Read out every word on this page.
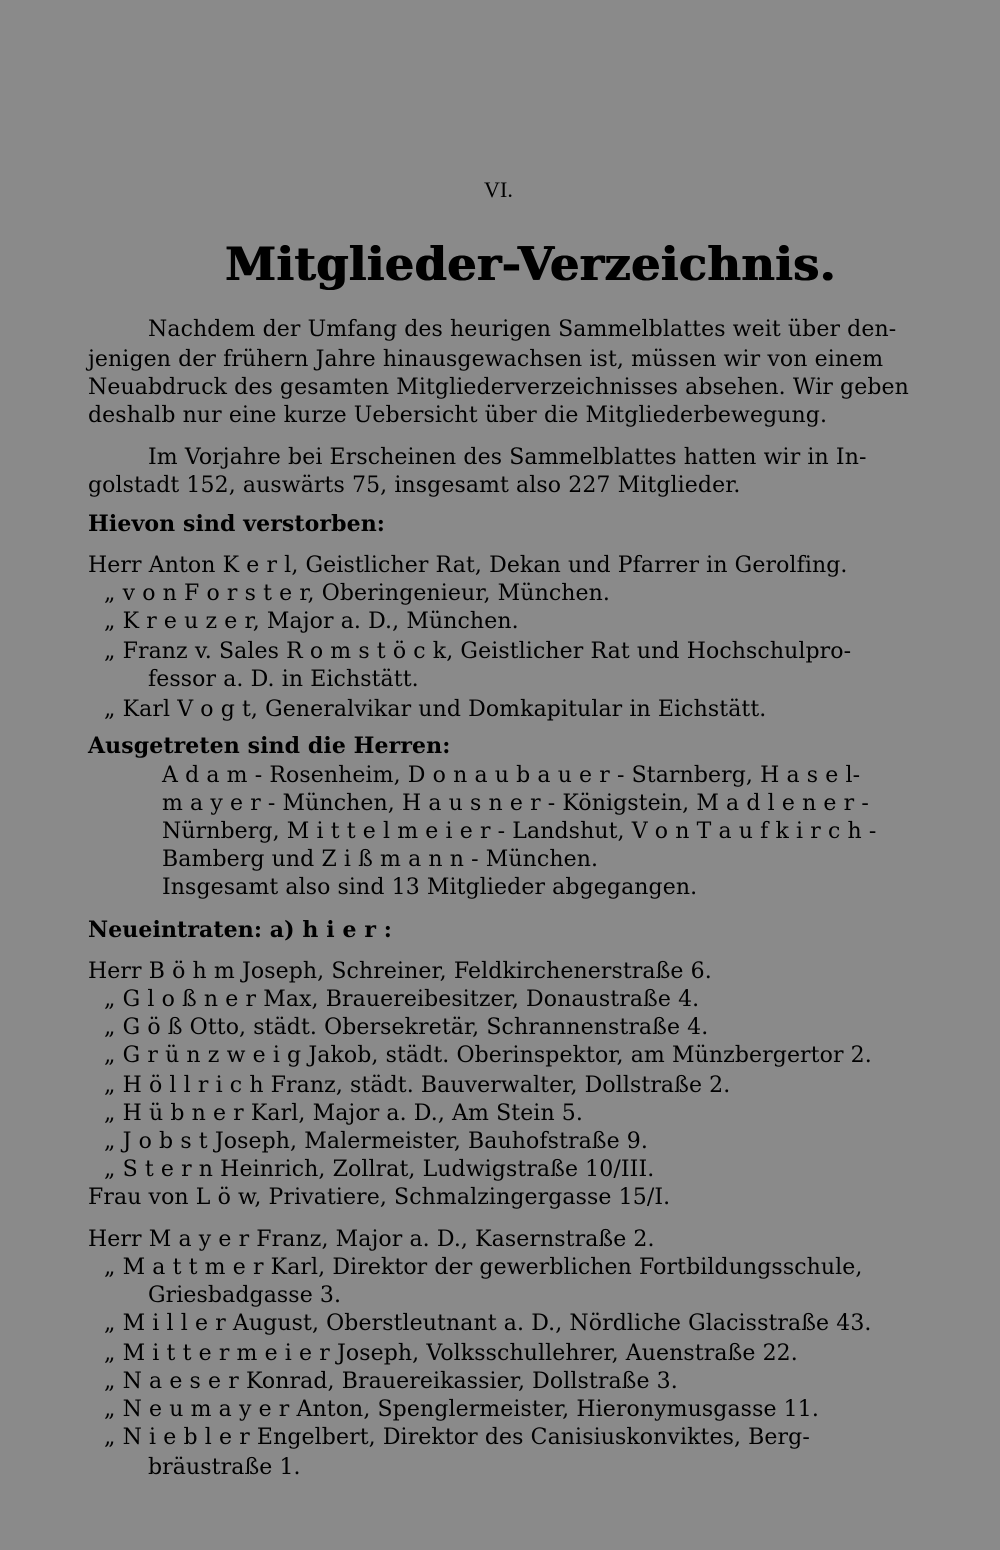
VI.
Mitglieder-Verzeichnis.
Nachdem der Umfang des heurigen Sammelblattes weit über den-
jenigen der frühern Jahre hinausgewachsen ist, müssen wir von einem
Neuabdruck des gesamten Mitgliederverzeichnisses absehen. Wir geben
deshalb nur eine kurze Uebersicht über die Mitgliederbewegung.
Im Vorjahre bei Erscheinen des Sammelblattes hatten wir in In-
golstadt 152, auswärts 75, insgesamt also 227 Mitglieder.
Hievon sind verstorben:
Herr Anton K e r l, Geistlicher Rat, Dekan und Pfarrer in Gerolfing.
„ v o n F o r s t e r, Oberingenieur, München.
„ K r e u z e r, Major a. D., München.
„ Franz v. Sales R o m s t ö c k, Geistlicher Rat und Hochschulpro-
fessor a. D. in Eichstätt.
„ Karl V o g t, Generalvikar und Domkapitular in Eichstätt.
Ausgetreten sind die Herren:
A d a m - Rosenheim, D o n a u b a u e r - Starnberg, H a s e l-
m a y e r - München, H a u s n e r - Königstein, M a d l e n e r -
Nürnberg, M i t t e l m e i e r - Landshut, V o n T a u f k i r c h -
Bamberg und Z i ß m a n n - München.
Insgesamt also sind 13 Mitglieder abgegangen.
Neueintraten: a) h i e r :
Herr B ö h m Joseph, Schreiner, Feldkirchenerstraße 6.
„ G l o ß n e r Max, Brauereibesitzer, Donaustraße 4.
„ G ö ß Otto, städt. Obersekretär, Schrannenstraße 4.
„ G r ü n z w e i g Jakob, städt. Oberinspektor, am Münzbergertor 2.
„ H ö l l r i c h Franz, städt. Bauverwalter, Dollstraße 2.
„ H ü b n e r Karl, Major a. D., Am Stein 5.
„ J o b s t Joseph, Malermeister, Bauhofstraße 9.
„ S t e r n Heinrich, Zollrat, Ludwigstraße 10/III.
Frau von L ö w, Privatiere, Schmalzingergasse 15/I.
Herr M a y e r Franz, Major a. D., Kasernstraße 2.
„ M a t t m e r Karl, Direktor der gewerblichen Fortbildungsschule,
Griesbadgasse 3.
„ M i l l e r August, Oberstleutnant a. D., Nördliche Glacisstraße 43.
„ M i t t e r m e i e r Joseph, Volksschullehrer, Auenstraße 22.
„ N a e s e r Konrad, Brauereikassier, Dollstraße 3.
„ N e u m a y e r Anton, Spenglermeister, Hieronymusgasse 11.
„ N i e b l e r Engelbert, Direktor des Canisiuskonviktes, Berg-
bräustraße 1.
